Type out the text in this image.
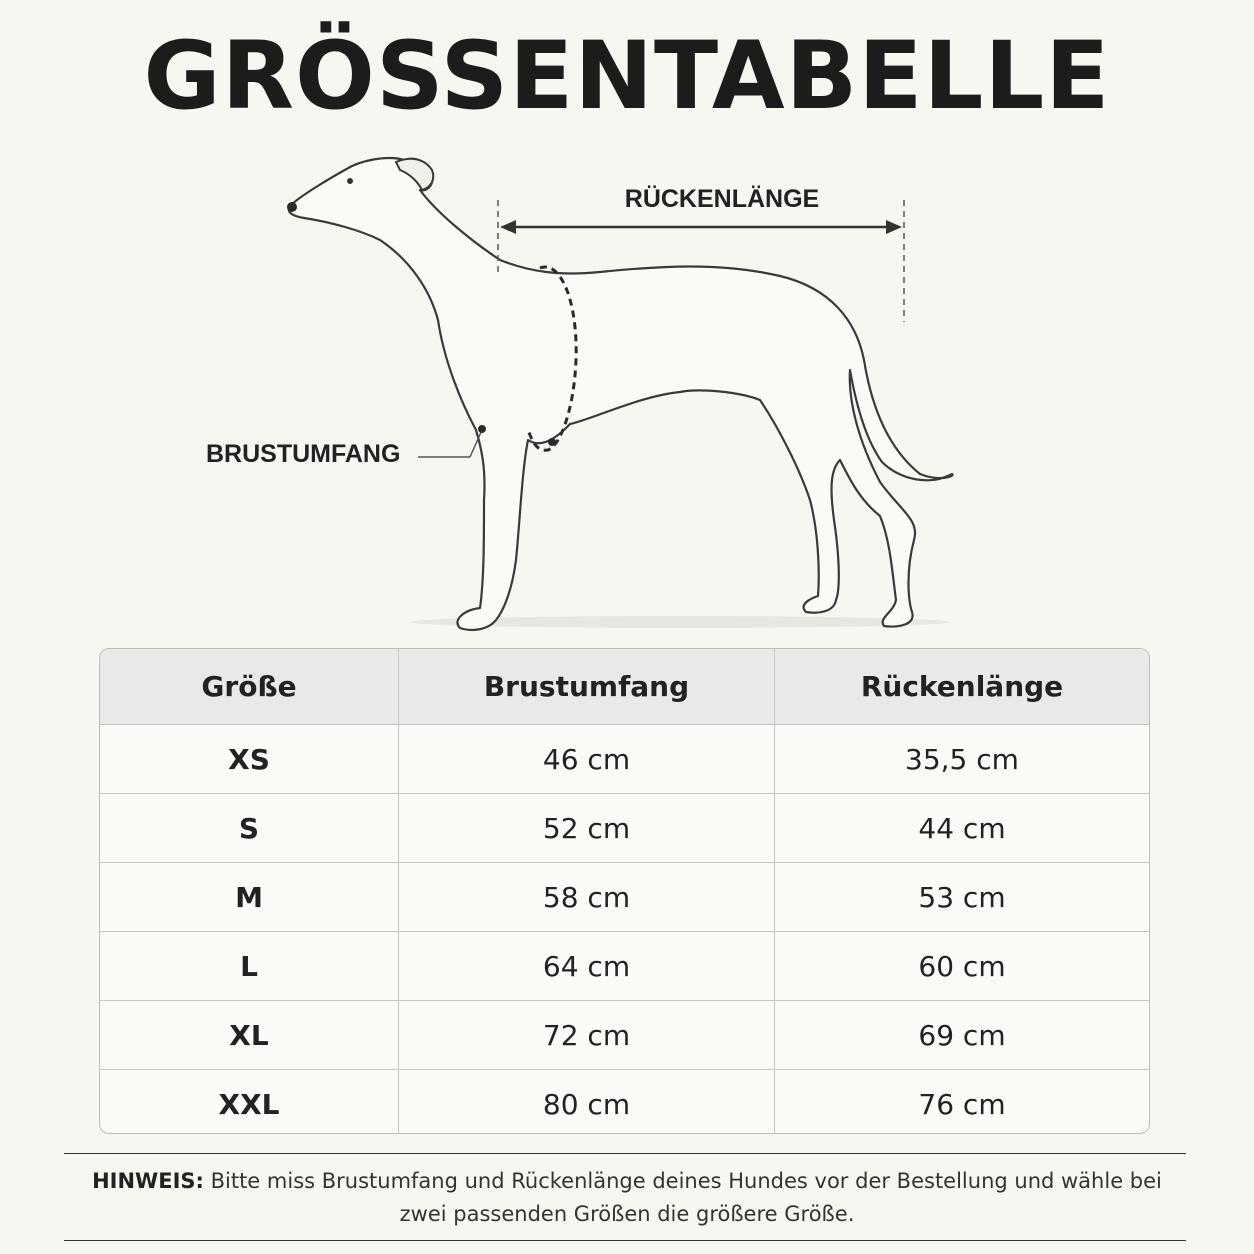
GRÖSSENTABELLE
RÜCKENLÄNGE
BRUSTUMFANG
Größe	Brustumfang	Rückenlänge
XS	46 cm	35,5 cm
S	52 cm	44 cm
M	58 cm	53 cm
L	64 cm	60 cm
XL	72 cm	69 cm
XXL	80 cm	76 cm
HINWEIS: Bitte miss Brustumfang und Rückenlänge deines Hundes vor der Bestellung und wähle bei zwei passenden Größen die größere Größe.
